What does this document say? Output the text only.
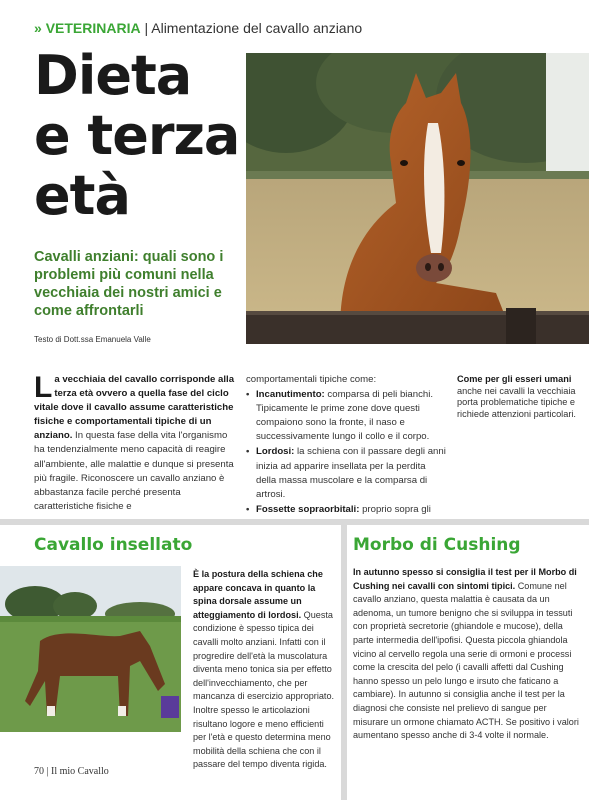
» VETERINARIA | Alimentazione del cavallo anziano
Dieta
e terza
età
Cavalli anziani: quali sono i problemi più comuni nella vecchiaia dei nostri amici e come affrontarli
Testo di Dott.ssa Emanuela Valle
La vecchiaia del cavallo corrisponde alla terza età ovvero a quella fase del ciclo vitale dove il cavallo assume caratteristiche fisiche e comportamentali tipiche di un anziano. In questa fase della vita l'organismo ha tendenzialmente meno capacità di reagire all'ambiente, alle malattie e dunque si presenta più fragile. Riconoscere un cavallo anziano è abbastanza facile perché presenta caratteristiche fisiche e
comportamentali tipiche come:
• Incanutimento: comparsa di peli bianchi. Tipicamente le prime zone dove questi compaiono sono la fronte, il naso e successivamente lungo il collo e il corpo.
• Lordosi: la schiena con il passare degli anni inizia ad apparire insellata per la perdita della massa muscolare e la comparsa di artrosi.
• Fossette sopraorbitali: proprio sopra gli
Come per gli esseri umani anche nei cavalli la vecchiaia porta problematiche tipiche e richiede attenzioni particolari.
Cavallo insellato	Morbo di Cushing
È la postura della schiena che appare concava in quanto la spina dorsale assume un atteggiamento di lordosi. Questa condizione è spesso tipica dei cavalli molto anziani. Infatti con il progredire dell'età la muscolatura diventa meno tonica sia per effetto dell'invecchiamento, che per mancanza di esercizio appropriato. Inoltre spesso le articolazioni risultano logore e meno efficienti per l'età e questo determina meno mobilità della schiena che con il passare del tempo diventa rigida.
In autunno spesso si consiglia il test per il Morbo di Cushing nei cavalli con sintomi tipici. Comune nel cavallo anziano, questa malattia è causata da un adenoma, un tumore benigno che si sviluppa in tessuti con proprietà secretorie (ghiandole e mucose), della parte intermedia dell'ipofisi. Questa piccola ghiandola vicino al cervello regola una serie di ormoni e processi come la crescita del pelo (i cavalli affetti dal Cushing hanno spesso un pelo lungo e irsuto che faticano a cambiare). In autunno si consiglia anche il test per la diagnosi che consiste nel prelievo di sangue per misurare un ormone chiamato ACTH. Se positivo i valori aumentano spesso anche di 3-4 volte il normale.
70 | Il mio Cavallo
